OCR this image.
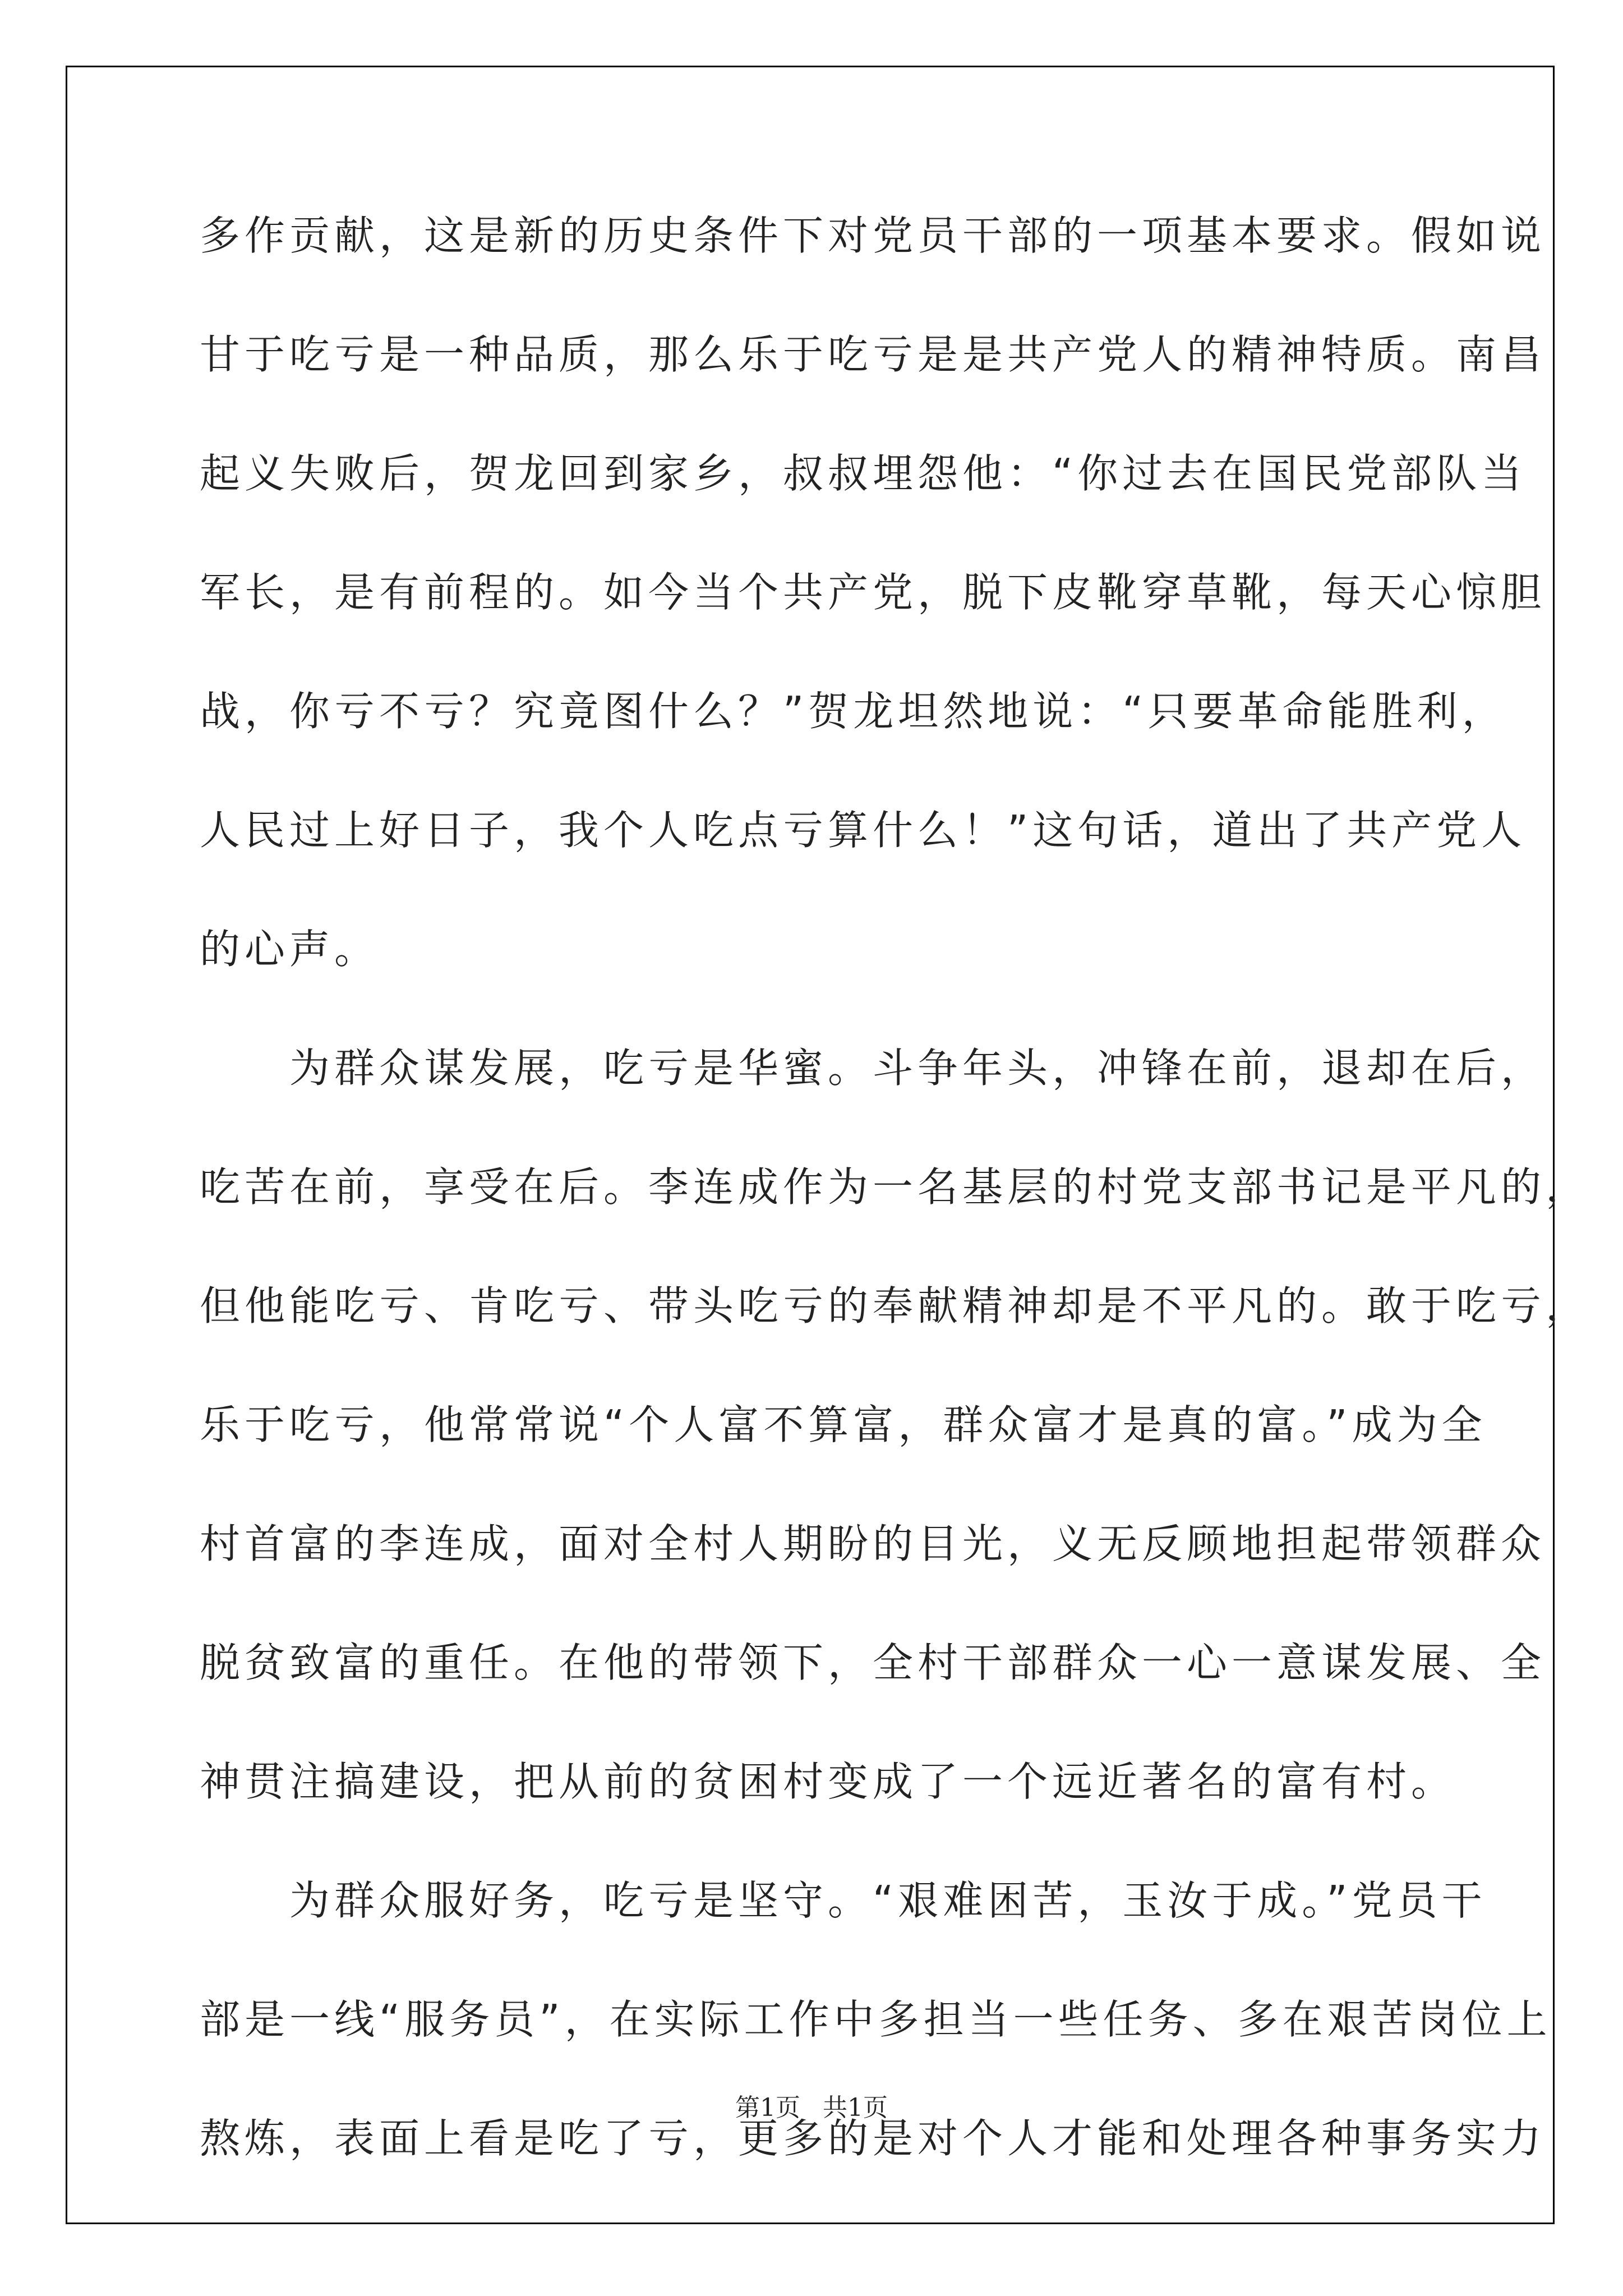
多作贡献，这是新的历史条件下对党员干部的一项基本要求。假如说
甘于吃亏是一种品质，那么乐于吃亏是是共产党人的精神特质。南昌
起义失败后，贺龙回到家乡，叔叔埋怨他：“你过去在国民党部队当
军长，是有前程的。如今当个共产党，脱下皮靴穿草靴，每天心惊胆
战，你亏不亏？究竟图什么？”贺龙坦然地说：“只要革命能胜利，
人民过上好日子，我个人吃点亏算什么！”这句话，道出了共产党人
的心声。
　　为群众谋发展，吃亏是华蜜。斗争年头，冲锋在前，退却在后，
吃苦在前，享受在后。李连成作为一名基层的村党支部书记是平凡的，
但他能吃亏、肯吃亏、带头吃亏的奉献精神却是不平凡的。敢于吃亏，
乐于吃亏，他常常说“个人富不算富，群众富才是真的富。”成为全
村首富的李连成，面对全村人期盼的目光，义无反顾地担起带领群众
脱贫致富的重任。在他的带领下，全村干部群众一心一意谋发展、全
神贯注搞建设，把从前的贫困村变成了一个远近著名的富有村。
　　为群众服好务，吃亏是坚守。“艰难困苦，玉汝于成。”党员干
部是一线“服务员”，在实际工作中多担当一些任务、多在艰苦岗位上
熬炼，表面上看是吃了亏，更多的是对个人才能和处理各种事务实力
第1页 共1页
